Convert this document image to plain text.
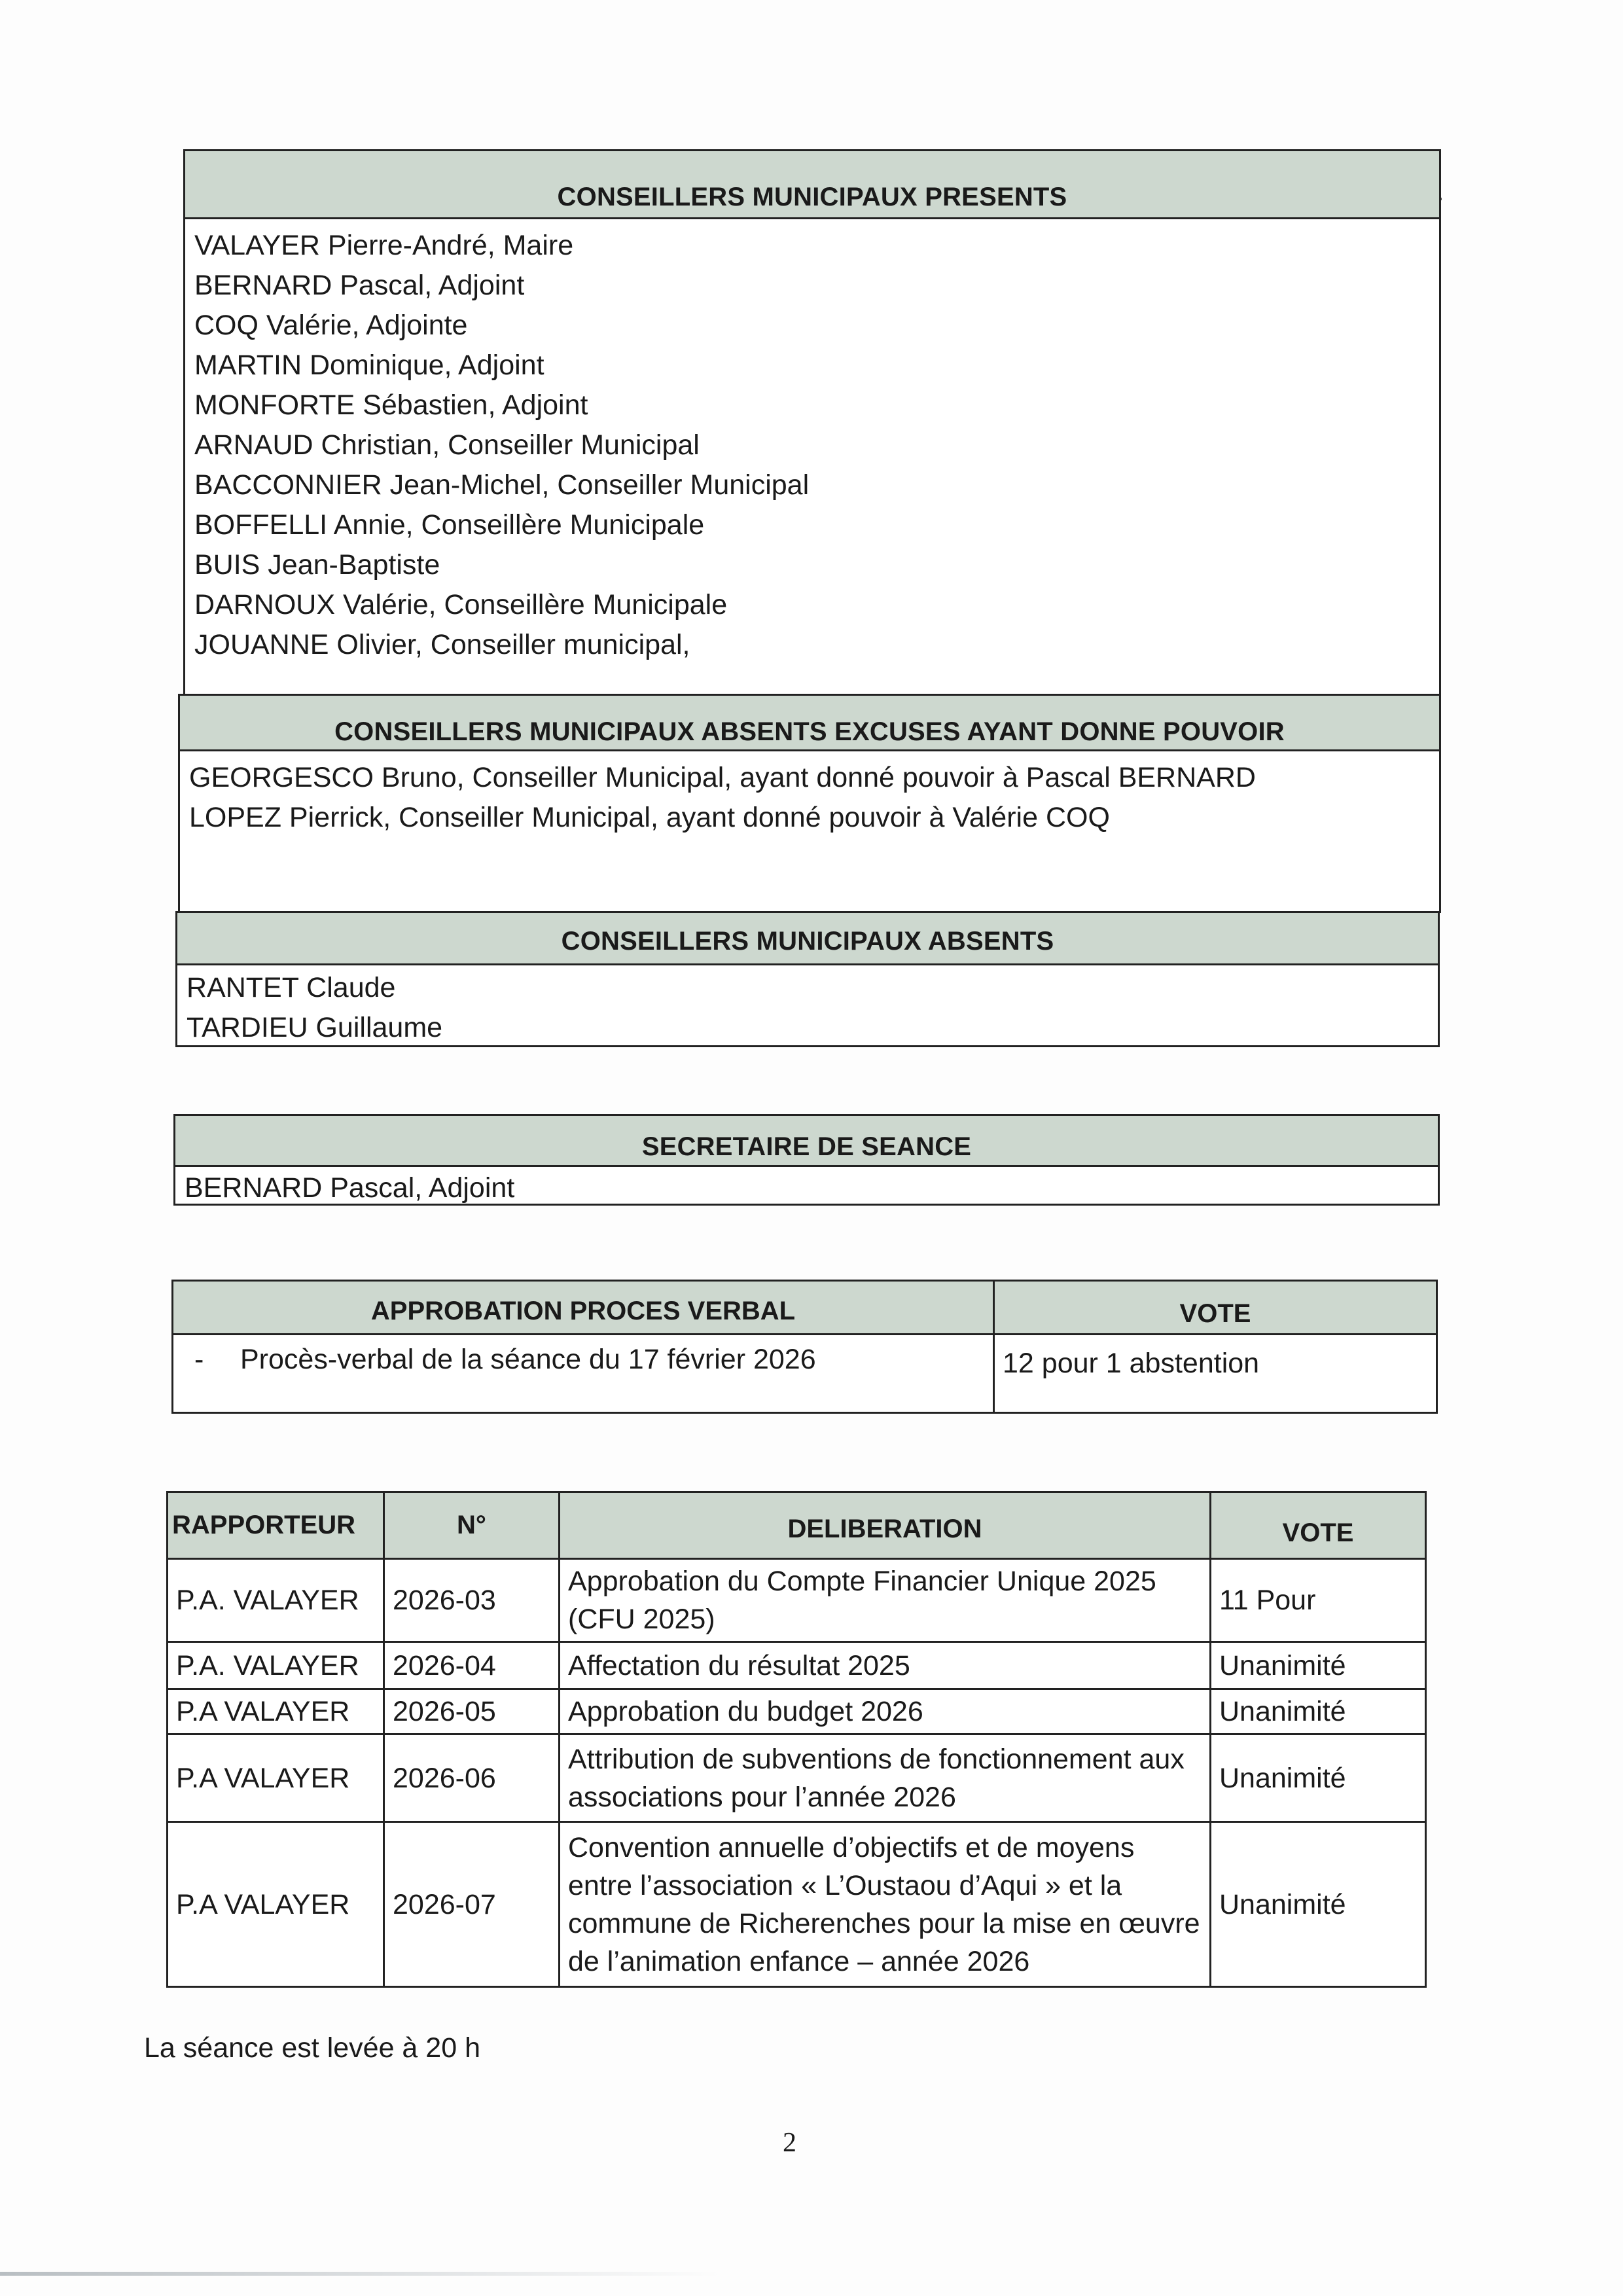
CONSEILLERS MUNICIPAUX PRESENTS
VALAYER Pierre-André, Maire
BERNARD Pascal, Adjoint
COQ Valérie, Adjointe
MARTIN Dominique, Adjoint
MONFORTE Sébastien, Adjoint
ARNAUD Christian, Conseiller Municipal
BACCONNIER Jean-Michel, Conseiller Municipal
BOFFELLI Annie, Conseillère Municipale
BUIS Jean-Baptiste
DARNOUX Valérie, Conseillère Municipale
JOUANNE Olivier, Conseiller municipal,
CONSEILLERS MUNICIPAUX ABSENTS EXCUSES AYANT DONNE POUVOIR
GEORGESCO Bruno, Conseiller Municipal, ayant donné pouvoir à Pascal BERNARD
LOPEZ Pierrick, Conseiller Municipal, ayant donné pouvoir à Valérie COQ
CONSEILLERS MUNICIPAUX ABSENTS
RANTET Claude
TARDIEU Guillaume
SECRETAIRE DE SEANCE
BERNARD Pascal, Adjoint
APPROBATION PROCES VERBAL	VOTE
- Procès-verbal de la séance du 17 février 2026	12 pour 1 abstention
RAPPORTEUR	N°	DELIBERATION	VOTE
P.A. VALAYER	2026-03	Approbation du Compte Financier Unique 2025 (CFU 2025)	11 Pour
P.A. VALAYER	2026-04	Affectation du résultat 2025	Unanimité
P.A VALAYER	2026-05	Approbation du budget 2026	Unanimité
P.A VALAYER	2026-06	Attribution de subventions de fonctionnement aux associations pour l’année 2026	Unanimité
P.A VALAYER	2026-07	Convention annuelle d’objectifs et de moyens entre l’association « L’Oustaou d’Aqui » et la commune de Richerenches pour la mise en œuvre de l’animation enfance – année 2026	Unanimité
La séance est levée à 20 h
2
